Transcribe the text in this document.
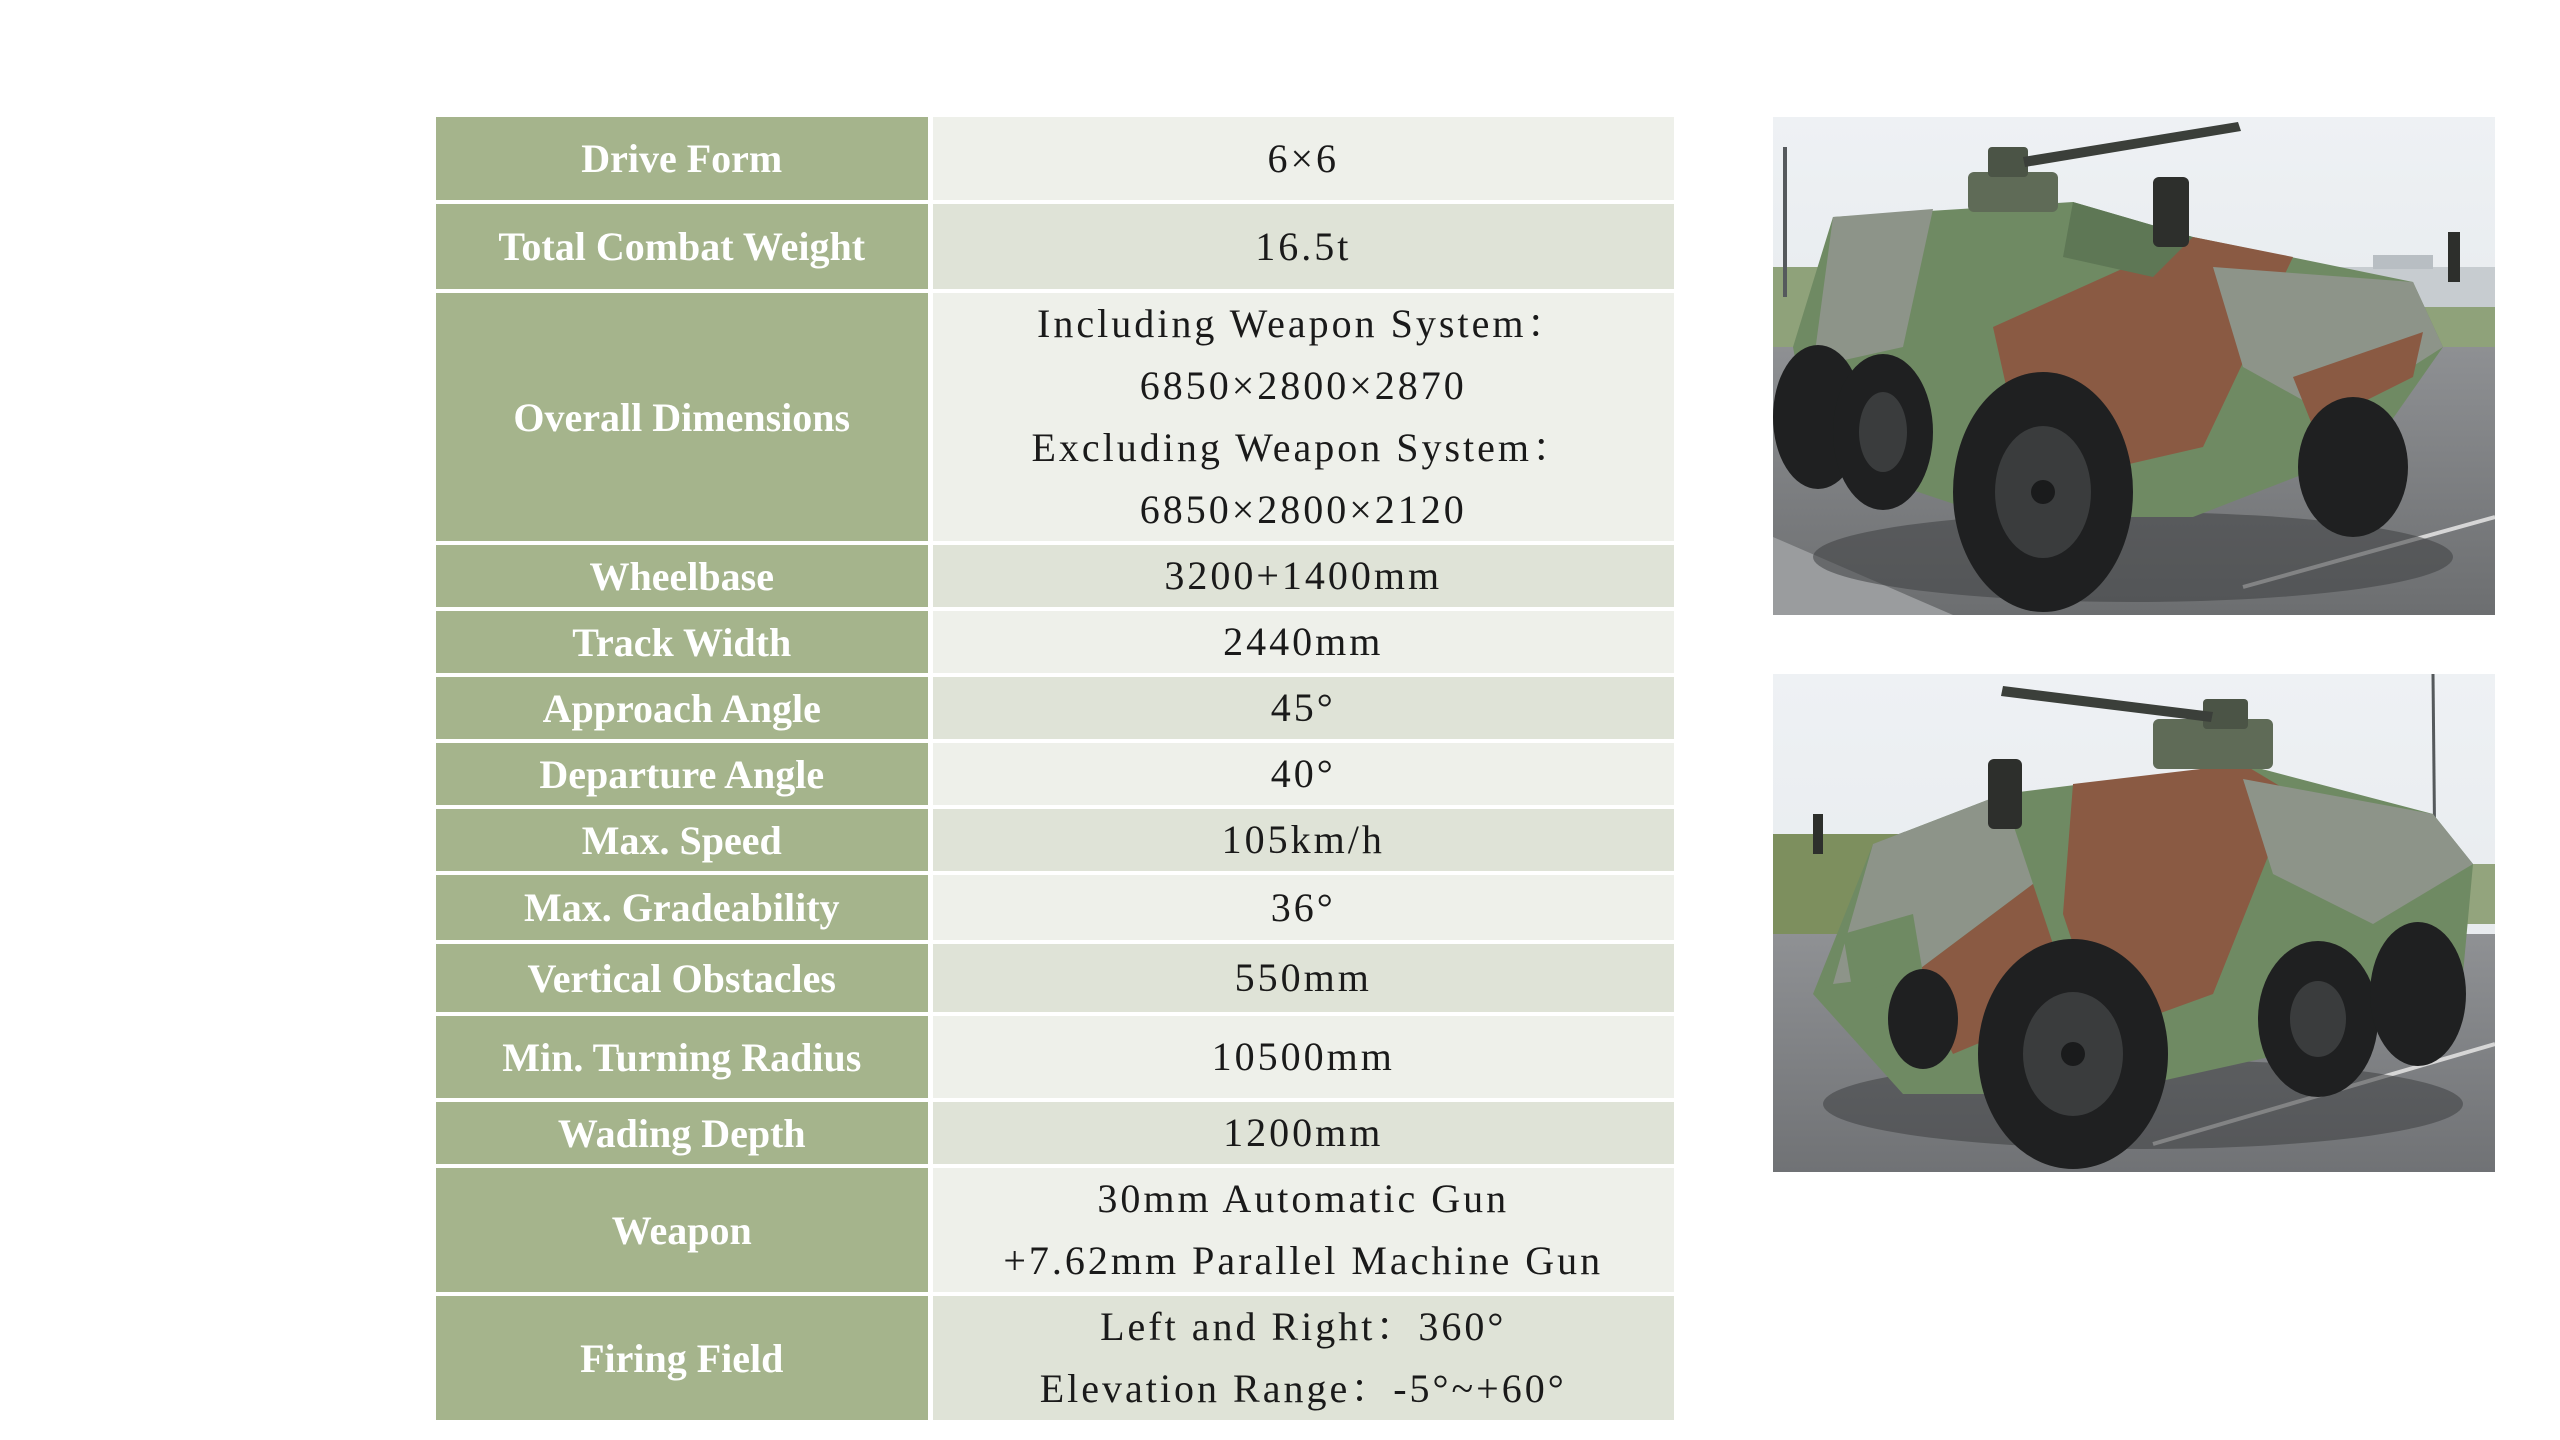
Drive Form	6×6

Total Combat Weight	16.5t

Overall Dimensions	Including Weapon System：
6850×2800×2870
Excluding Weapon System：
6850×2800×2120

Wheelbase	3200+1400mm

Track Width	2440mm

Approach Angle	45°

Departure Angle	40°

Max. Speed	105km/h

Max. Gradeability	36°

Vertical Obstacles	550mm

Min. Turning Radius	10500mm

Wading Depth	1200mm

Weapon	30mm Automatic Gun
+7.62mm Parallel Machine Gun

Firing Field	Left and Right：360°
Elevation Range：-5°~+60°
